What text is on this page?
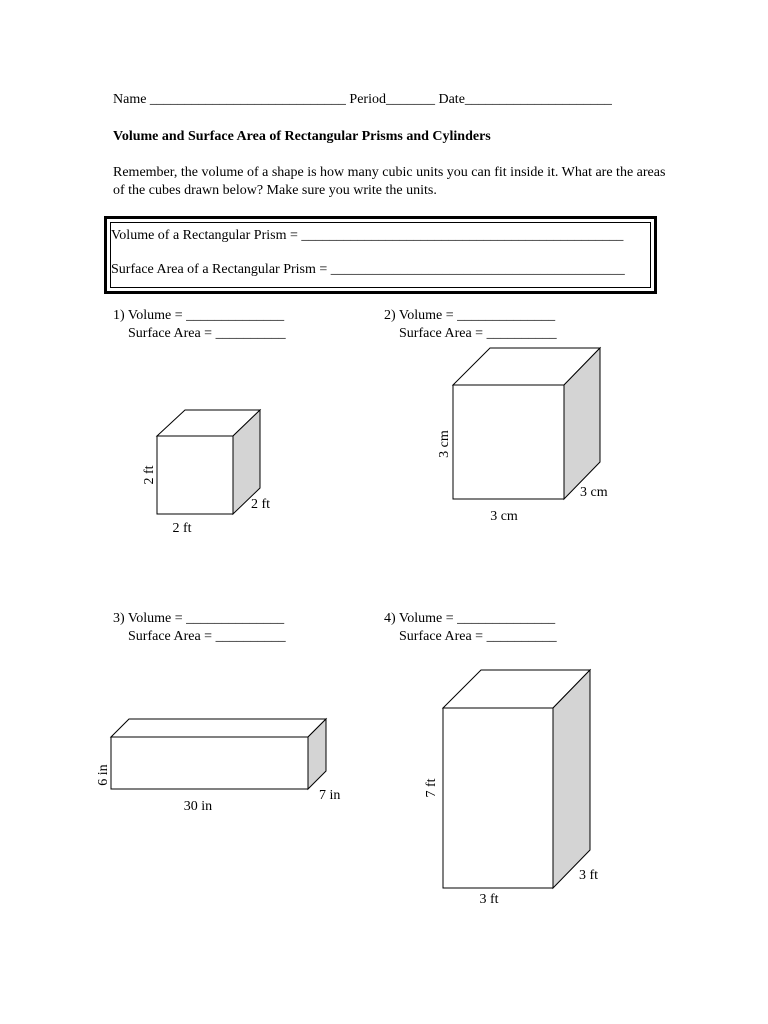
Name ____________________________ Period_______ Date_____________________
Volume and Surface Area of Rectangular Prisms and Cylinders
Remember, the volume of a shape is how many cubic units you can fit inside it. What are the areas of the cubes drawn below? Make sure you write the units.
Volume of a Rectangular Prism = ______________________________________________
Surface Area of a Rectangular Prism = __________________________________________
1) Volume = ______________
Surface Area = __________
2) Volume = ______________
Surface Area = __________
3) Volume = ______________
Surface Area = __________
4) Volume = ______________
Surface Area = __________
2 ft
2 ft
2 ft
3 cm
3 cm
3 cm
6 in
7 in
30 in
7 ft
3 ft
3 ft
